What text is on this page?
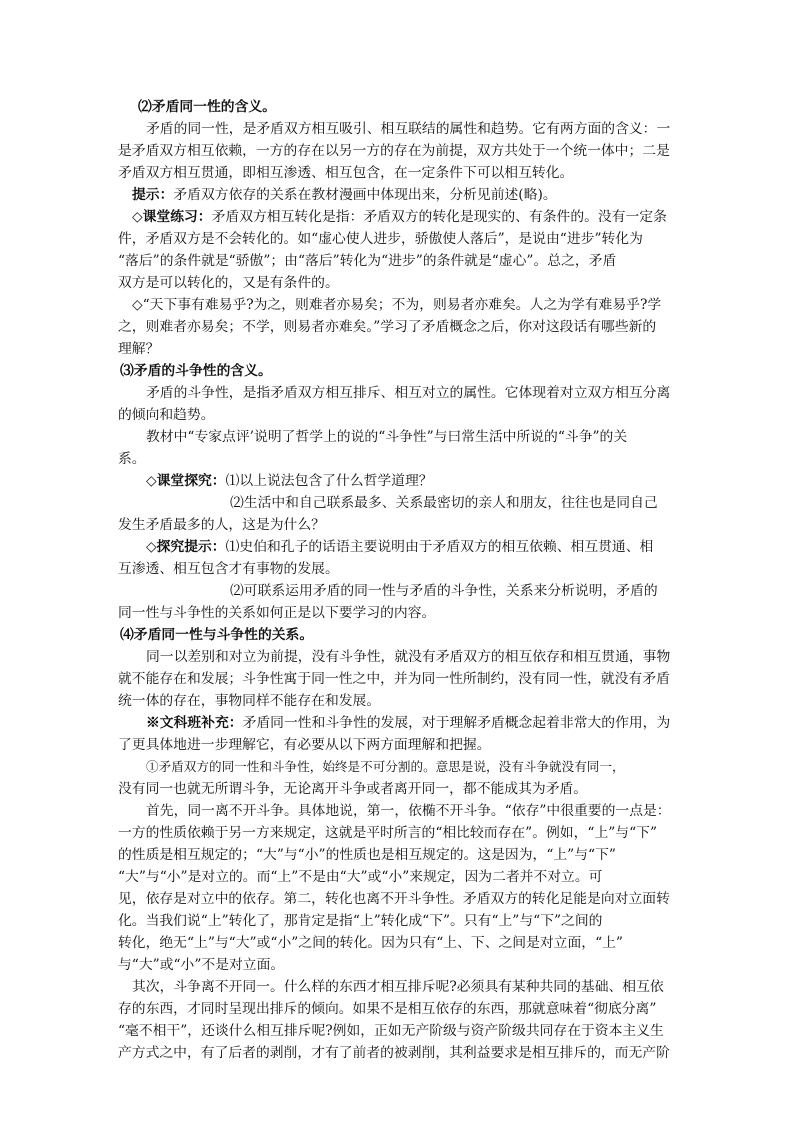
⑵矛盾同一性的含义。
矛盾的同一性，是矛盾双方相互吸引、相互联结的属性和趋势。它有两方面的含义：一
是矛盾双方相互依赖，一方的存在以另一方的存在为前提，双方共处于一个统一体中；二是
矛盾双方相互贯通，即相互渗透、相互包含，在一定条件下可以相互转化。
提示：矛盾双方依存的关系在教材漫画中体现出来，分析见前述(略)。
◇课堂练习：矛盾双方相互转化是指：矛盾双方的转化是现实的、有条件的。没有一定条
件，矛盾双方是不会转化的。如“虚心使人进步，骄傲使人落后”，是说由“进步”转化为
“落后”的条件就是“骄傲”；由“落后”转化为“进步”的条件就是“虚心”。总之，矛盾
双方是可以转化的，又是有条件的。
◇“天下事有难易乎?为之，则难者亦易矣；不为，则易者亦难矣。人之为学有难易乎?学
之，则难者亦易矣；不学，则易者亦难矣。”学习了矛盾概念之后，你对这段话有哪些新的
理解？
⑶矛盾的斗争性的含义。
矛盾的斗争性，是指矛盾双方相互排斥、相互对立的属性。它体现着对立双方相互分离
的倾向和趋势。
教材中“专家点评’说明了哲学上的说的“斗争性”与曰常生活中所说的“斗争”的关
系。
◇课堂探究：⑴以上说法包含了什么哲学道理？
⑵生活中和自己联系最多、关系最密切的亲人和朋友，往往也是同自己
发生矛盾最多的人，这是为什么？
◇探究提示：⑴史伯和孔子的话语主要说明由于矛盾双方的相互依赖、相互贯通、相
互渗透、相互包含才有事物的发展。
⑵可联系运用矛盾的同一性与矛盾的斗争性，关系来分析说明，矛盾的
同一性与斗争性的关系如何正是以下要学习的内容。
⑷矛盾同一性与斗争性的关系。
同一以差别和对立为前提，没有斗争性，就没有矛盾双方的相互依存和相互贯通，事物
就不能存在和发展；斗争性寓于同一性之中，并为同一性所制约，没有同一性，就没有矛盾
统一体的存在，事物同样不能存在和发展。
※文科班补充：矛盾同一性和斗争性的发展，对于理解矛盾概念起着非常大的作用，为
了更具体地进一步理解它，有必要从以下两方面理解和把握。
①矛盾双方的同一性和斗争性，始终是不可分割的。意思是说，没有斗争就没有同一，
没有同一也就无所谓斗争，无论离开斗争或者离开同一，都不能成其为矛盾。
首先，同一离不开斗争。具体地说，第一，依椭不开斗争。“依存”中很重要的一点是：
一方的性质依赖于另一方来规定，这就是平时所言的“相比较而存在”。例如，“上”与“下”
的性质是相互规定的；“大”与“小”的性质也是相互规定的。这是因为，“上”与“下”
“大”与“小”是对立的。而“上”不是由“大”或“小”来规定，因为二者并不对立。可
见，依存是对立中的依存。第二，转化也离不开斗争性。矛盾双方的转化足能是向对立面转
化。当我们说“上”转化了，那肯定是指“上”转化成“下”。只有“上”与“下”之间的
转化，绝无“上”与“大”或“小”之间的转化。因为只有“上、下、之间是对立面，“上”
与“大”或“小”不是对立面。
其次，斗争离不开同一。什么样的东西才相互排斥呢?必须具有某种共同的基础、相互依
存的东西，才同时呈现出排斥的倾向。如果不是相互依存的东西，那就意味着“彻底分离”
“毫不相干”，还谈什么相互排斥呢?例如，正如无产阶级与资产阶级共同存在于资本主义生
产方式之中，有了后者的剥削，才有了前者的被剥削，其利益要求是相互排斥的，而无产阶
